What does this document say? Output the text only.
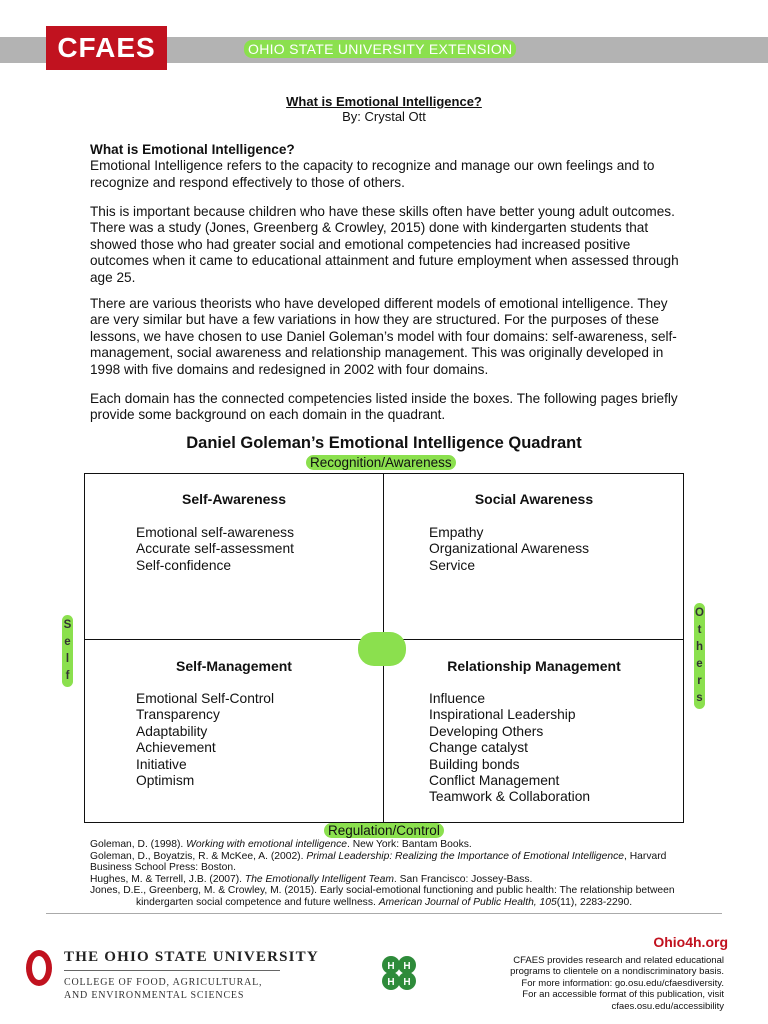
CFAES	OHIO STATE UNIVERSITY EXTENSION
What is Emotional Intelligence?
By: Crystal Ott
What is Emotional Intelligence?
Emotional Intelligence refers to the capacity to recognize and manage our own feelings and to recognize and respond effectively to those of others.
This is important because children who have these skills often have better young adult outcomes. There was a study (Jones, Greenberg & Crowley, 2015) done with kindergarten students that showed those who had greater social and emotional competencies had increased positive outcomes when it came to educational attainment and future employment when assessed through age 25.
There are various theorists who have developed different models of emotional intelligence. They are very similar but have a few variations in how they are structured. For the purposes of these lessons, we have chosen to use Daniel Goleman’s model with four domains: self-awareness, self-management, social awareness and relationship management. This was originally developed in 1998 with five domains and redesigned in 2002 with four domains.
Each domain has the connected competencies listed inside the boxes. The following pages briefly provide some background on each domain in the quadrant.
Daniel Goleman’s Emotional Intelligence Quadrant
Recognition/Awareness
Self-Awareness
Emotional self-awareness
Accurate self-assessment
Self-confidence
Social Awareness
Empathy
Organizational Awareness
Service
Self-Management
Emotional Self-Control
Transparency
Adaptability
Achievement
Initiative
Optimism
Relationship Management
Influence
Inspirational Leadership
Developing Others
Change catalyst
Building bonds
Conflict Management
Teamwork & Collaboration
S
e
l
f
O
t
h
e
r
s
Regulation/Control
Goleman, D. (1998). Working with emotional intelligence. New York: Bantam Books.
Goleman, D., Boyatzis, R. & McKee, A. (2002). Primal Leadership: Realizing the Importance of Emotional Intelligence, Harvard Business School Press: Boston.
Hughes, M. & Terrell, J.B. (2007). The Emotionally Intelligent Team. San Francisco: Jossey-Bass.
Jones, D.E., Greenberg, M. & Crowley, M. (2015). Early social-emotional functioning and public health: The relationship between
kindergarten social competence and future wellness. American Journal of Public Health, 105(11), 2283-2290.
THE OHIO STATE UNIVERSITY
COLLEGE OF FOOD, AGRICULTURAL,
AND ENVIRONMENTAL SCIENCES
H H
H H
Ohio4h.org
CFAES provides research and related educational
programs to clientele on a nondiscriminatory basis.
For more information: go.osu.edu/cfaesdiversity.
For an accessible format of this publication, visit
cfaes.osu.edu/accessibility
